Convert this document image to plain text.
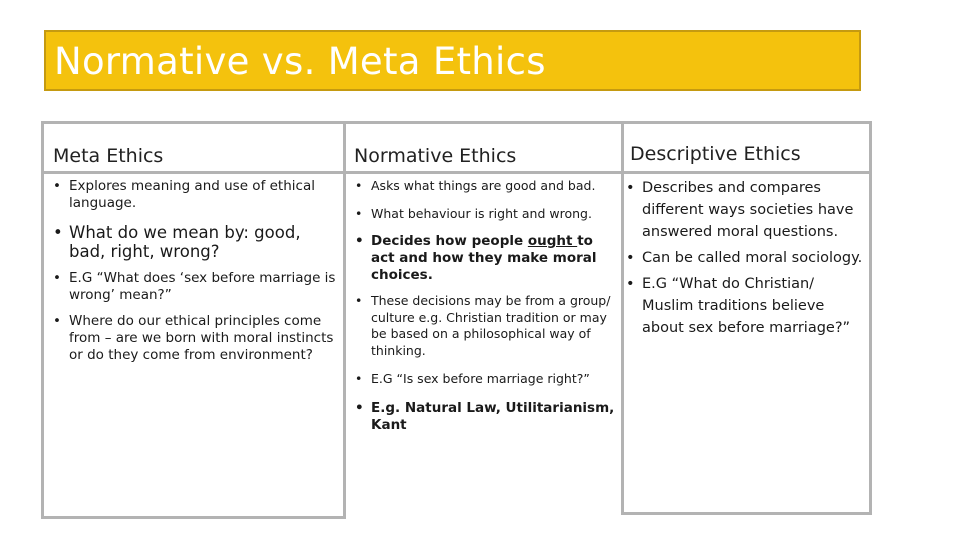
Normative vs. Meta Ethics
Meta Ethics	Normative Ethics	Descriptive Ethics
• Explores meaning and use of ethical language.
• What do we mean by: good, bad, right, wrong?
• E.G “What does ‘sex before marriage is wrong’ mean?”
• Where do our ethical principles come from – are we born with moral instincts or do they come from environment?
• Asks what things are good and bad.
• What behaviour is right and wrong.
• Decides how people ought to act and how they make moral choices.
• These decisions may be from a group/ culture e.g. Christian tradition or may be based on a philosophical way of thinking.
• E.G “Is sex before marriage right?”
• E.g. Natural Law, Utilitarianism, Kant
• Describes and compares different ways societies have answered moral questions.
• Can be called moral sociology.
• E.G “What do Christian/ Muslim traditions believe about sex before marriage?”
